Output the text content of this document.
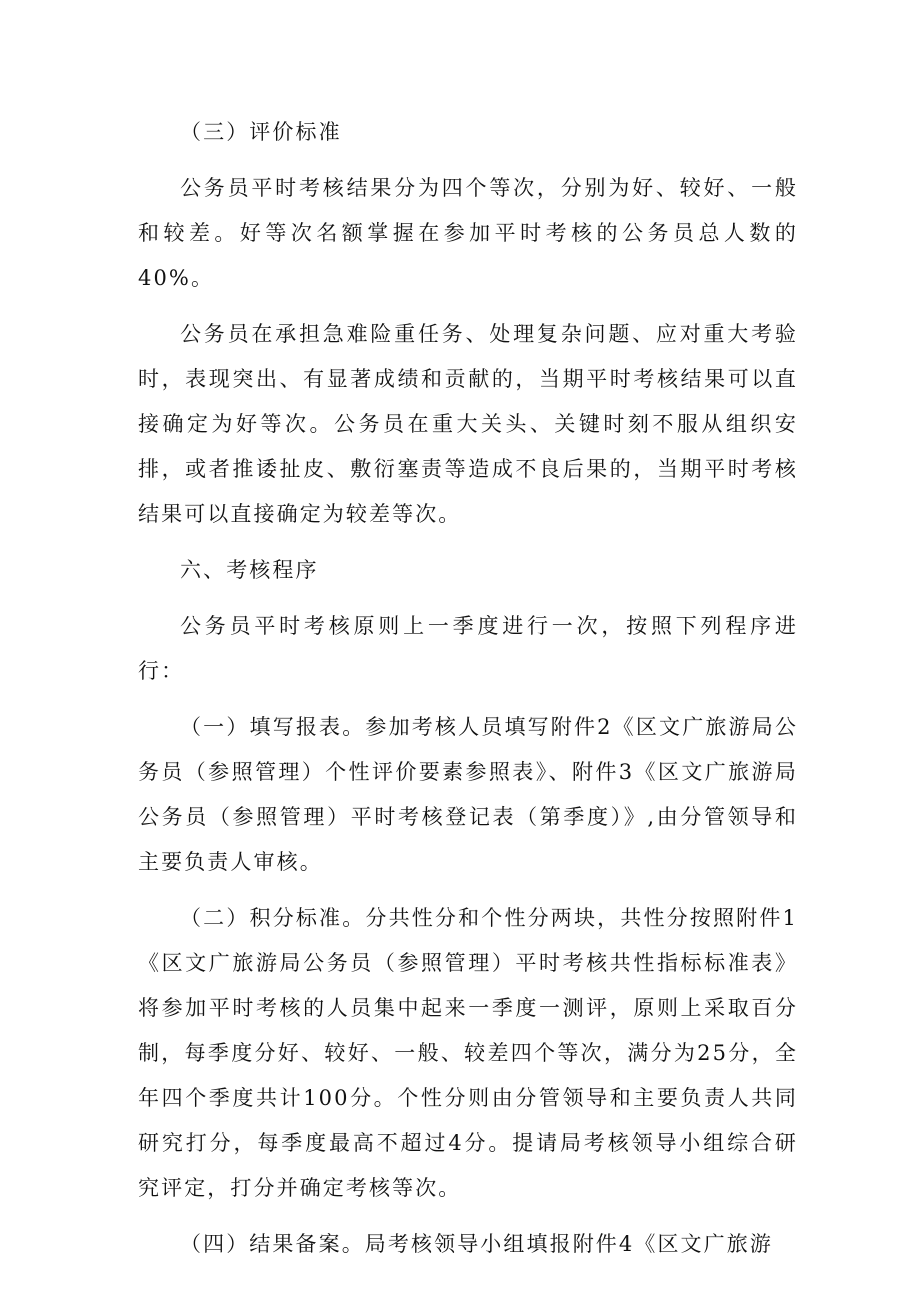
（三）评价标准

公务员平时考核结果分为四个等次，分别为好、较好、一般和较差。好等次名额掌握在参加平时考核的公务员总人数的40%。

公务员在承担急难险重任务、处理复杂问题、应对重大考验时，表现突出、有显著成绩和贡献的，当期平时考核结果可以直接确定为好等次。公务员在重大关头、关键时刻不服从组织安排，或者推诿扯皮、敷衍塞责等造成不良后果的，当期平时考核结果可以直接确定为较差等次。

六、考核程序

公务员平时考核原则上一季度进行一次，按照下列程序进行：

（一）填写报表。参加考核人员填写附件2《区文广旅游局公务员（参照管理）个性评价要素参照表》、附件3《区文广旅游局公务员（参照管理）平时考核登记表（第季度）》,由分管领导和主要负责人审核。

（二）积分标准。分共性分和个性分两块，共性分按照附件1《区文广旅游局公务员（参照管理）平时考核共性指标标准表》将参加平时考核的人员集中起来一季度一测评，原则上采取百分制，每季度分好、较好、一般、较差四个等次，满分为25分，全年四个季度共计100分。个性分则由分管领导和主要负责人共同研究打分，每季度最高不超过4分。提请局考核领导小组综合研究评定，打分并确定考核等次。

（四）结果备案。局考核领导小组填报附件4《区文广旅游
